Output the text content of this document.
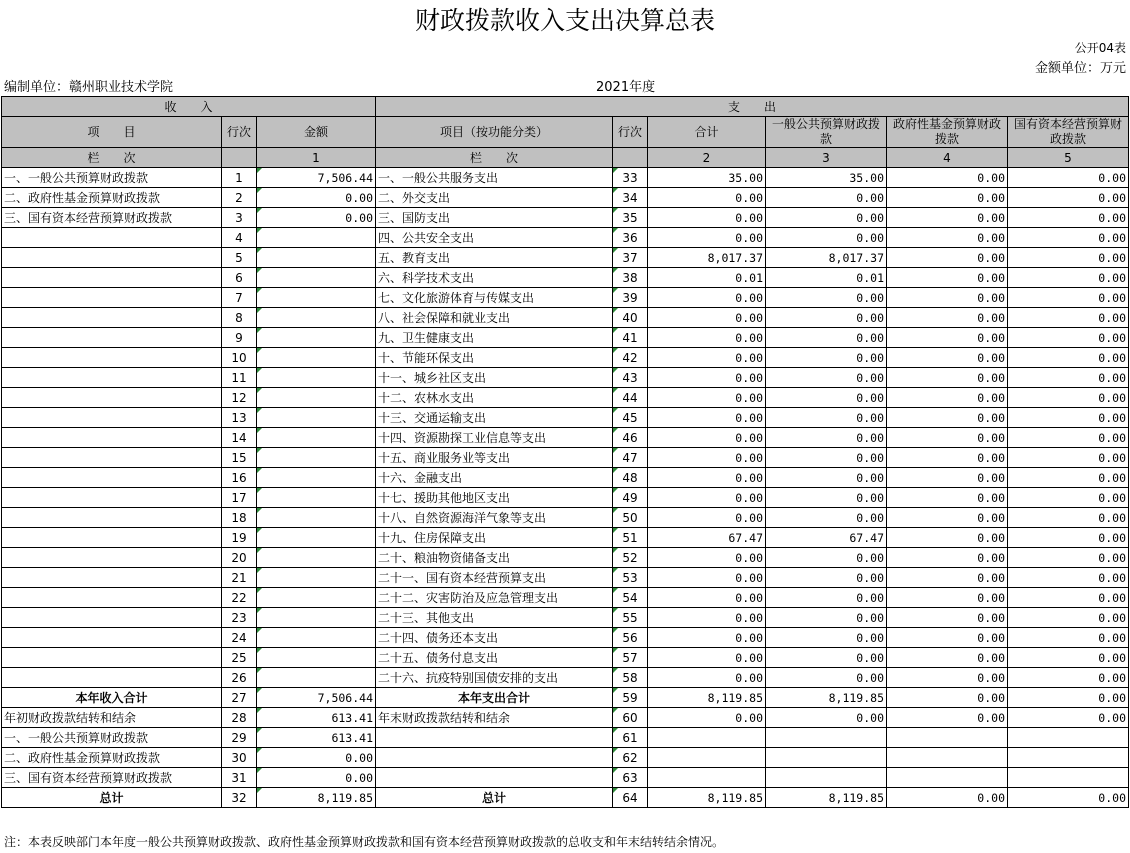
财政拨款收入支出决算总表
公开04表
金额单位：万元
编制单位：赣州职业技术学院	2021年度
收　　入			支　　出					
项　　目	行次	金额	项目（按功能分类）	行次	合计	一般公共预算财政拨款	政府性基金预算财政拨款	国有资本经营预算财政拨款
栏　　次		1	栏　　次		2	3	4	5
一、一般公共预算财政拨款	1	7,506.44	一、一般公共服务支出	33	35.00	35.00	0.00	0.00
二、政府性基金预算财政拨款	2	0.00	二、外交支出	34	0.00	0.00	0.00	0.00
三、国有资本经营预算财政拨款	3	0.00	三、国防支出	35	0.00	0.00	0.00	0.00
	4		四、公共安全支出	36	0.00	0.00	0.00	0.00
	5		五、教育支出	37	8,017.37	8,017.37	0.00	0.00
	6		六、科学技术支出	38	0.01	0.01	0.00	0.00
	7		七、文化旅游体育与传媒支出	39	0.00	0.00	0.00	0.00
	8		八、社会保障和就业支出	40	0.00	0.00	0.00	0.00
	9		九、卫生健康支出	41	0.00	0.00	0.00	0.00
	10		十、节能环保支出	42	0.00	0.00	0.00	0.00
	11		十一、城乡社区支出	43	0.00	0.00	0.00	0.00
	12		十二、农林水支出	44	0.00	0.00	0.00	0.00
	13		十三、交通运输支出	45	0.00	0.00	0.00	0.00
	14		十四、资源勘探工业信息等支出	46	0.00	0.00	0.00	0.00
	15		十五、商业服务业等支出	47	0.00	0.00	0.00	0.00
	16		十六、金融支出	48	0.00	0.00	0.00	0.00
	17		十七、援助其他地区支出	49	0.00	0.00	0.00	0.00
	18		十八、自然资源海洋气象等支出	50	0.00	0.00	0.00	0.00
	19		十九、住房保障支出	51	67.47	67.47	0.00	0.00
	20		二十、粮油物资储备支出	52	0.00	0.00	0.00	0.00
	21		二十一、国有资本经营预算支出	53	0.00	0.00	0.00	0.00
	22		二十二、灾害防治及应急管理支出	54	0.00	0.00	0.00	0.00
	23		二十三、其他支出	55	0.00	0.00	0.00	0.00
	24		二十四、债务还本支出	56	0.00	0.00	0.00	0.00
	25		二十五、债务付息支出	57	0.00	0.00	0.00	0.00
	26		二十六、抗疫特别国债安排的支出	58	0.00	0.00	0.00	0.00
本年收入合计	27	7,506.44	本年支出合计	59	8,119.85	8,119.85	0.00	0.00
年初财政拨款结转和结余	28	613.41	年末财政拨款结转和结余	60	0.00	0.00	0.00	0.00
一、一般公共预算财政拨款	29	613.41		61				
二、政府性基金预算财政拨款	30	0.00		62				
三、国有资本经营预算财政拨款	31	0.00		63				
总计	32	8,119.85	总计	64	8,119.85	8,119.85	0.00	0.00
注：本表反映部门本年度一般公共预算财政拨款、政府性基金预算财政拨款和国有资本经营预算财政拨款的总收支和年末结转结余情况。
